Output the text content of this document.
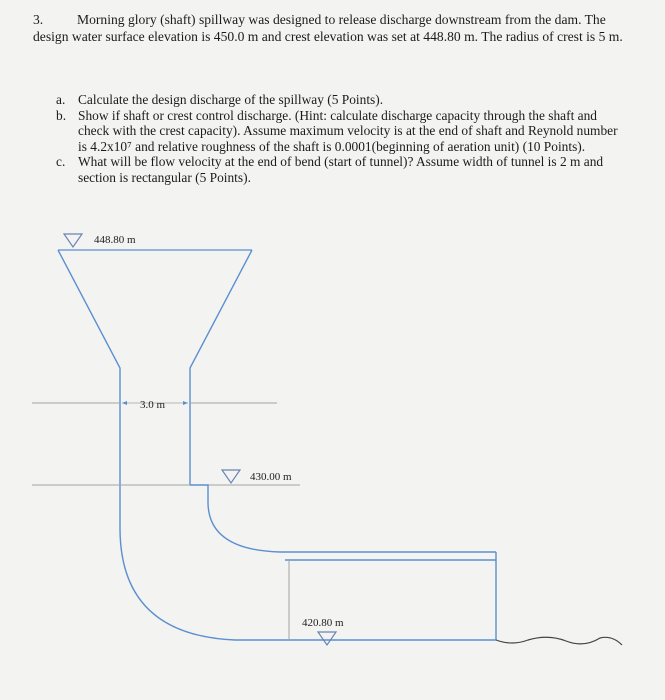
3. Morning glory (shaft) spillway was designed to release discharge downstream from the dam. The design water surface elevation is 450.0 m and crest elevation was set at 448.80 m. The radius of crest is 5 m.
a. Calculate the design discharge of the spillway (5 Points).
b. Show if shaft or crest control discharge. (Hint: calculate discharge capacity through the shaft and check with the crest capacity). Assume maximum velocity is at the end of shaft and Reynold number is 4.2x10⁷ and relative roughness of the shaft is 0.0001(beginning of aeration unit) (10 Points).
c. What will be flow velocity at the end of bend (start of tunnel)? Assume width of tunnel is 2 m and section is rectangular (5 Points).
448.80 m
3.0 m
430.00 m
420.80 m
